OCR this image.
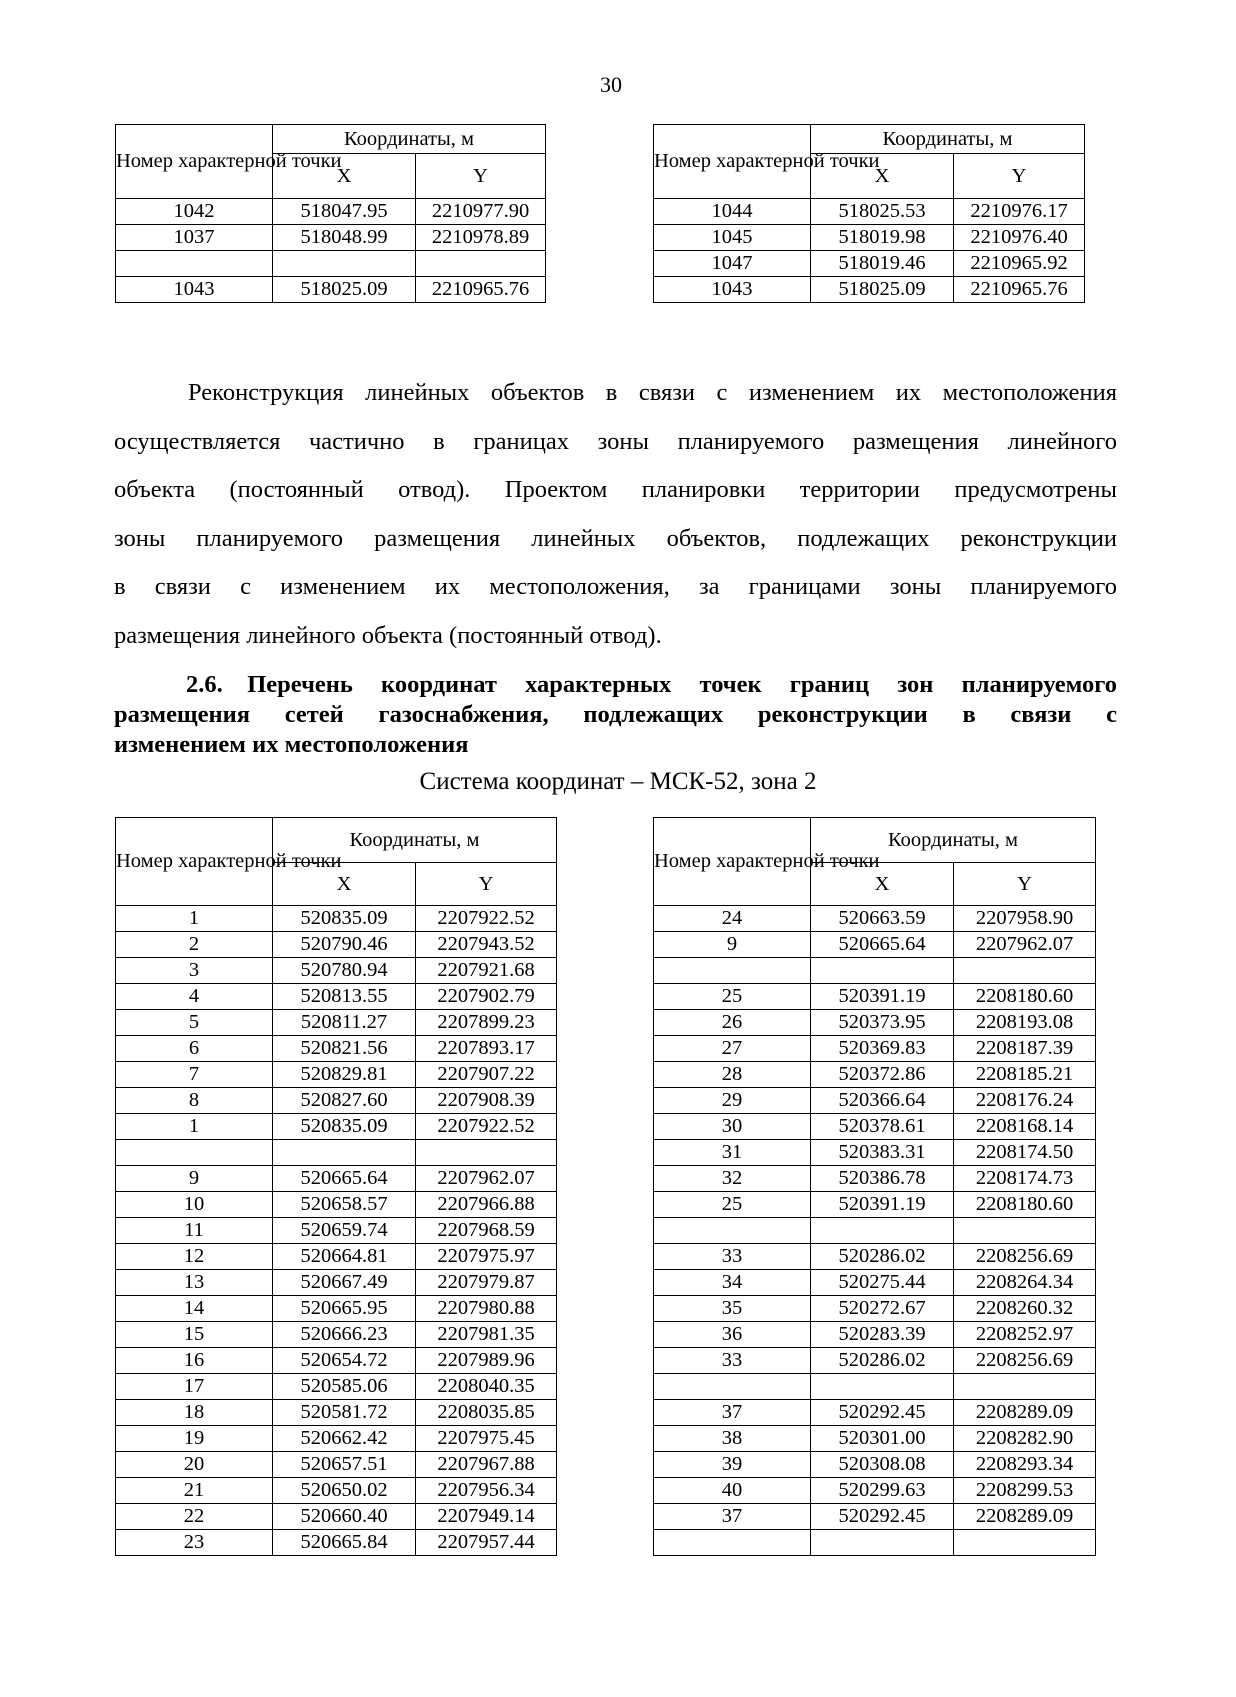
30
Номер характерной точки	Координаты, м	
	X	Y
1042	518047.95	2210977.90
1037	518048.99	2210978.89

1043	518025.09	2210965.76
Номер характерной точки	Координаты, м	
	X	Y
1044	518025.53	2210976.17
1045	518019.98	2210976.40
1047	518019.46	2210965.92
1043	518025.09	2210965.76
Реконструкция линейных объектов в связи с изменением их местоположения
осуществляется частично в границах зоны планируемого размещения линейного
объекта (постоянный отвод). Проектом планировки территории предусмотрены
зоны планируемого размещения линейных объектов, подлежащих реконструкции
в связи с изменением их местоположения, за границами зоны планируемого
размещения линейного объекта (постоянный отвод).
2.6. Перечень координат характерных точек границ зон планируемого
размещения сетей газоснабжения, подлежащих реконструкции в связи с
изменением их местоположения
Система координат – МСК-52, зона 2
Номер характерной точки	Координаты, м	
	X	Y
1	520835.09	2207922.52
2	520790.46	2207943.52
3	520780.94	2207921.68
4	520813.55	2207902.79
5	520811.27	2207899.23
6	520821.56	2207893.17
7	520829.81	2207907.22
8	520827.60	2207908.39
1	520835.09	2207922.52

9	520665.64	2207962.07
10	520658.57	2207966.88
11	520659.74	2207968.59
12	520664.81	2207975.97
13	520667.49	2207979.87
14	520665.95	2207980.88
15	520666.23	2207981.35
16	520654.72	2207989.96
17	520585.06	2208040.35
18	520581.72	2208035.85
19	520662.42	2207975.45
20	520657.51	2207967.88
21	520650.02	2207956.34
22	520660.40	2207949.14
23	520665.84	2207957.44
Номер характерной точки	Координаты, м	
	X	Y
24	520663.59	2207958.90
9	520665.64	2207962.07

25	520391.19	2208180.60
26	520373.95	2208193.08
27	520369.83	2208187.39
28	520372.86	2208185.21
29	520366.64	2208176.24
30	520378.61	2208168.14
31	520383.31	2208174.50
32	520386.78	2208174.73
25	520391.19	2208180.60

33	520286.02	2208256.69
34	520275.44	2208264.34
35	520272.67	2208260.32
36	520283.39	2208252.97
33	520286.02	2208256.69

37	520292.45	2208289.09
38	520301.00	2208282.90
39	520308.08	2208293.34
40	520299.63	2208299.53
37	520292.45	2208289.09
